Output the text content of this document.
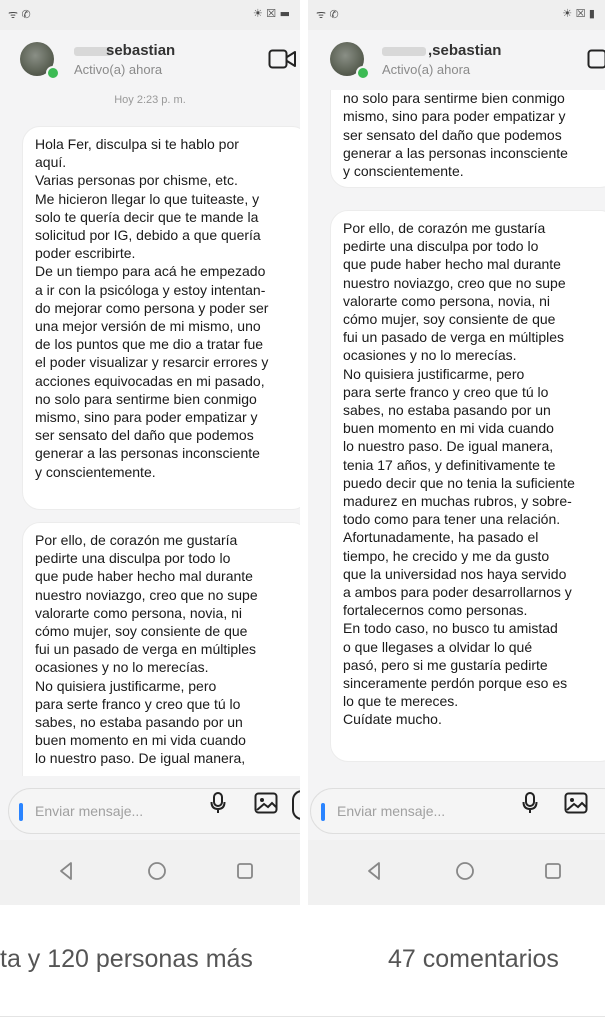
ᯤ ✆	☀ ☒ ▬
sebastian
Activo(a) ahora
Hoy 2:23 p. m.

Hola Fer, disculpa si te hablo por
aquí.
Varias personas por chisme, etc.
Me hicieron llegar lo que tuiteaste, y
solo te quería decir que te mande la
solicitud por IG, debido a que quería
poder escribirte.
De un tiempo para acá he empezado
a ir con la psicóloga y estoy intentan-
do mejorar como persona y poder ser
una mejor versión de mi mismo, uno
de los puntos que me dio a tratar fue
el poder visualizar y resarcir errores y
acciones equivocadas en mi pasado,
no solo para sentirme bien conmigo
mismo, sino para poder empatizar y
ser sensato del daño que podemos
generar a las personas inconsciente
y conscientemente.

Por ello, de corazón me gustaría
pedirte una disculpa por todo lo
que pude haber hecho mal durante
nuestro noviazgo, creo que no supe
valorarte como persona, novia, ni
cómo mujer, soy consiente de que
fui un pasado de verga en múltiples
ocasiones y no lo merecías.
No quisiera justificarme, pero
para serte franco y creo que tú lo
sabes, no estaba pasando por un
buen momento en mi vida cuando
lo nuestro paso. De igual manera,

Enviar mensaje...
ᯤ ✆	☀ ☒ ▮
,sebastian
Activo(a) ahora

no solo para sentirme bien conmigo
mismo, sino para poder empatizar y
ser sensato del daño que podemos
generar a las personas inconsciente
y conscientemente.

Por ello, de corazón me gustaría
pedirte una disculpa por todo lo
que pude haber hecho mal durante
nuestro noviazgo, creo que no supe
valorarte como persona, novia, ni
cómo mujer, soy consiente de que
fui un pasado de verga en múltiples
ocasiones y no lo merecías.
No quisiera justificarme, pero
para serte franco y creo que tú lo
sabes, no estaba pasando por un
buen momento en mi vida cuando
lo nuestro paso. De igual manera,
tenia 17 años, y definitivamente te
puedo decir que no tenia la suficiente
madurez en muchas rubros, y sobre-
todo como para tener una relación.
Afortunadamente, ha pasado el
tiempo, he crecido y me da gusto
que la universidad nos haya servido
a ambos para poder desarrollarnos y
fortalecernos como personas.
En todo caso, no busco tu amistad
o que llegases a olvidar lo qué
pasó, pero si me gustaría pedirte
sinceramente perdón porque eso es
lo que te mereces.
Cuídate mucho.

Enviar mensaje...
ta y 120 personas más	47 comentarios
